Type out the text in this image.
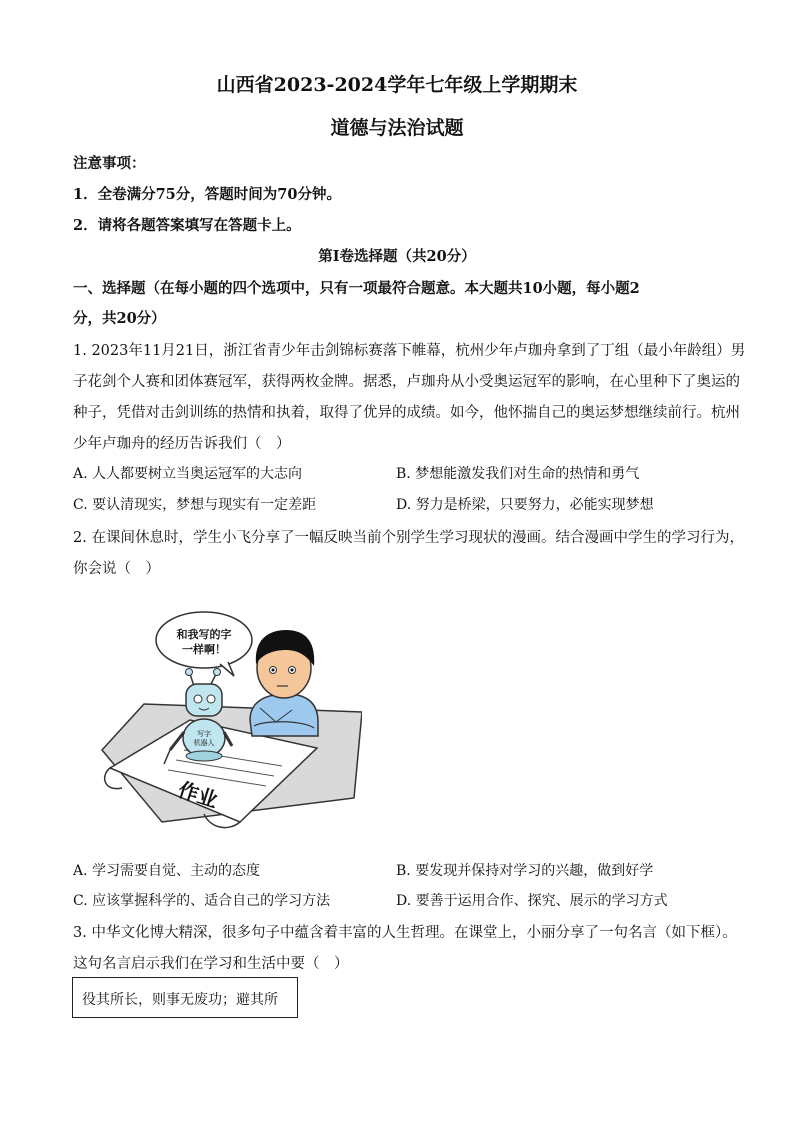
山西省2023-2024学年七年级上学期期末
道德与法治试题
注意事项：
1．全卷满分75分，答题时间为70分钟。
2．请将各题答案填写在答题卡上。
第Ⅰ卷选择题（共20分）
一、选择题（在每小题的四个选项中，只有一项最符合题意。本大题共10小题，每小题2
分，共20分）
1. 2023年11月21日，浙江省青少年击剑锦标赛落下帷幕，杭州少年卢珈舟拿到了丁组（最小年龄组）男
子花剑个人赛和团体赛冠军，获得两枚金牌。据悉，卢珈舟从小受奥运冠军的影响，在心里种下了奥运的
种子，凭借对击剑训练的热情和执着，取得了优异的成绩。如今，他怀揣自己的奥运梦想继续前行。杭州
少年卢珈舟的经历告诉我们（　）
A. 人人都要树立当奥运冠军的大志向	B. 梦想能激发我们对生命的热情和勇气
C. 要认清现实，梦想与现实有一定差距	D. 努力是桥梁，只要努力，必能实现梦想
2. 在课间休息时，学生小飞分享了一幅反映当前个别学生学习现状的漫画。结合漫画中学生的学习行为，
你会说（　）
作业
和我写的字
一样啊！
写字
机器人
A. 学习需要自觉、主动的态度	B. 要发现并保持对学习的兴趣，做到好学
C. 应该掌握科学的、适合自己的学习方法	D. 要善于运用合作、探究、展示的学习方式
3. 中华文化博大精深，很多句子中蕴含着丰富的人生哲理。在课堂上，小丽分享了一句名言（如下框）。
这句名言启示我们在学习和生活中要（　）
役其所长，则事无废功；避其所
